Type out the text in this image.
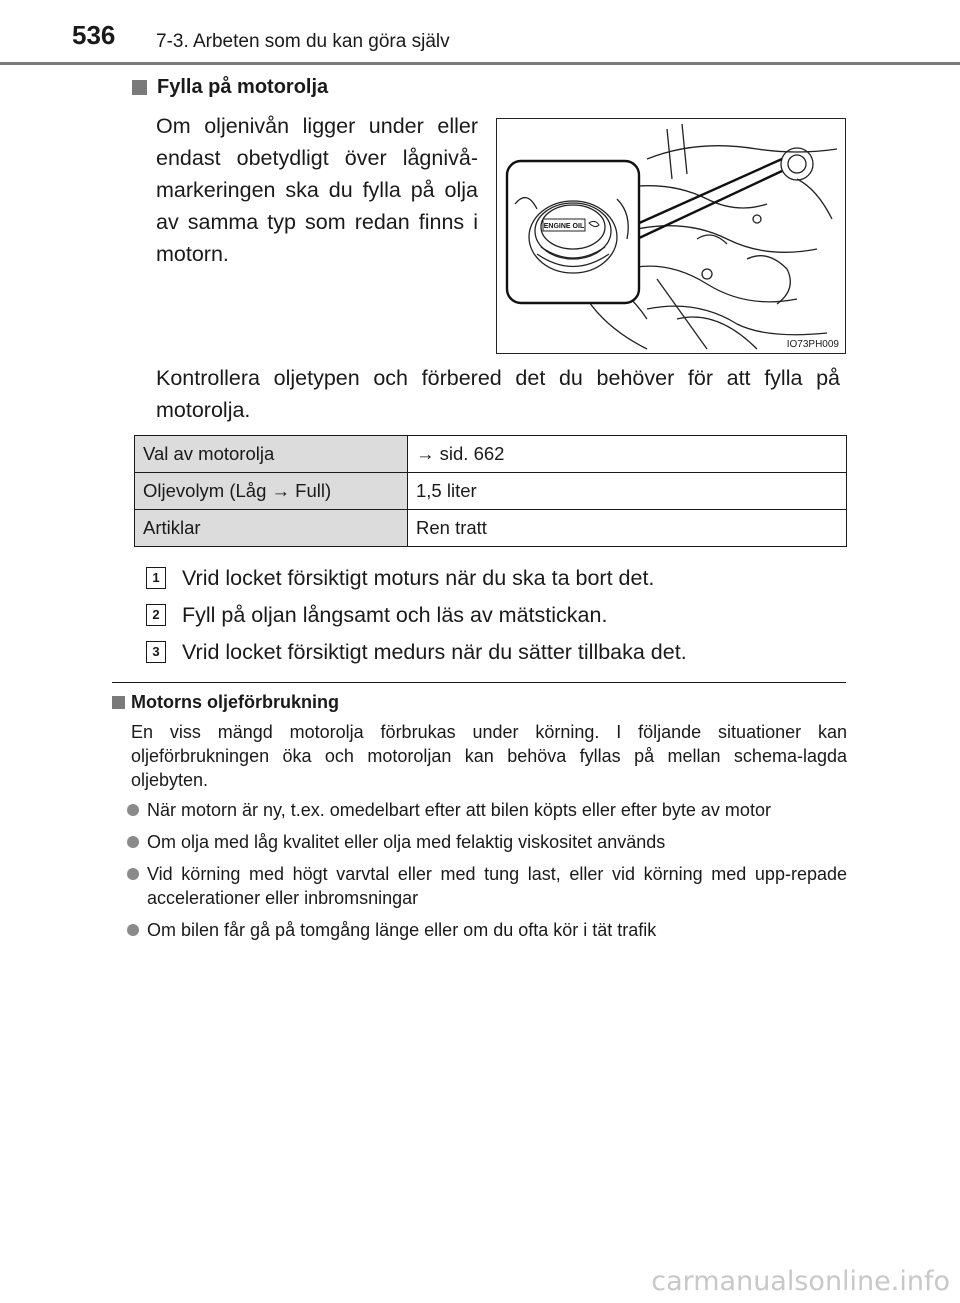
536 7-3. Arbeten som du kan göra själv
Fylla på motorolja
Om oljenivån ligger under eller endast obetydligt över lågnivå-markeringen ska du fylla på olja av samma typ som redan finns i motorn.
ENGINE OIL
IO73PH009
Kontrollera oljetypen och förbered det du behöver för att fylla på motorolja.
Val av motorolja	→ sid. 662
Oljevolym (Låg → Full)	1,5 liter
Artiklar	Ren tratt
1 Vrid locket försiktigt moturs när du ska ta bort det.
2 Fyll på oljan långsamt och läs av mätstickan.
3 Vrid locket försiktigt medurs när du sätter tillbaka det.
Motorns oljeförbrukning
En viss mängd motorolja förbrukas under körning. I följande situationer kan oljeförbrukningen öka och motoroljan kan behöva fyllas på mellan schema-lagda oljebyten.
När motorn är ny, t.ex. omedelbart efter att bilen köpts eller efter byte av motor
Om olja med låg kvalitet eller olja med felaktig viskositet används
Vid körning med högt varvtal eller med tung last, eller vid körning med upp-repade accelerationer eller inbromsningar
Om bilen får gå på tomgång länge eller om du ofta kör i tät trafik
carmanualsonline.info
